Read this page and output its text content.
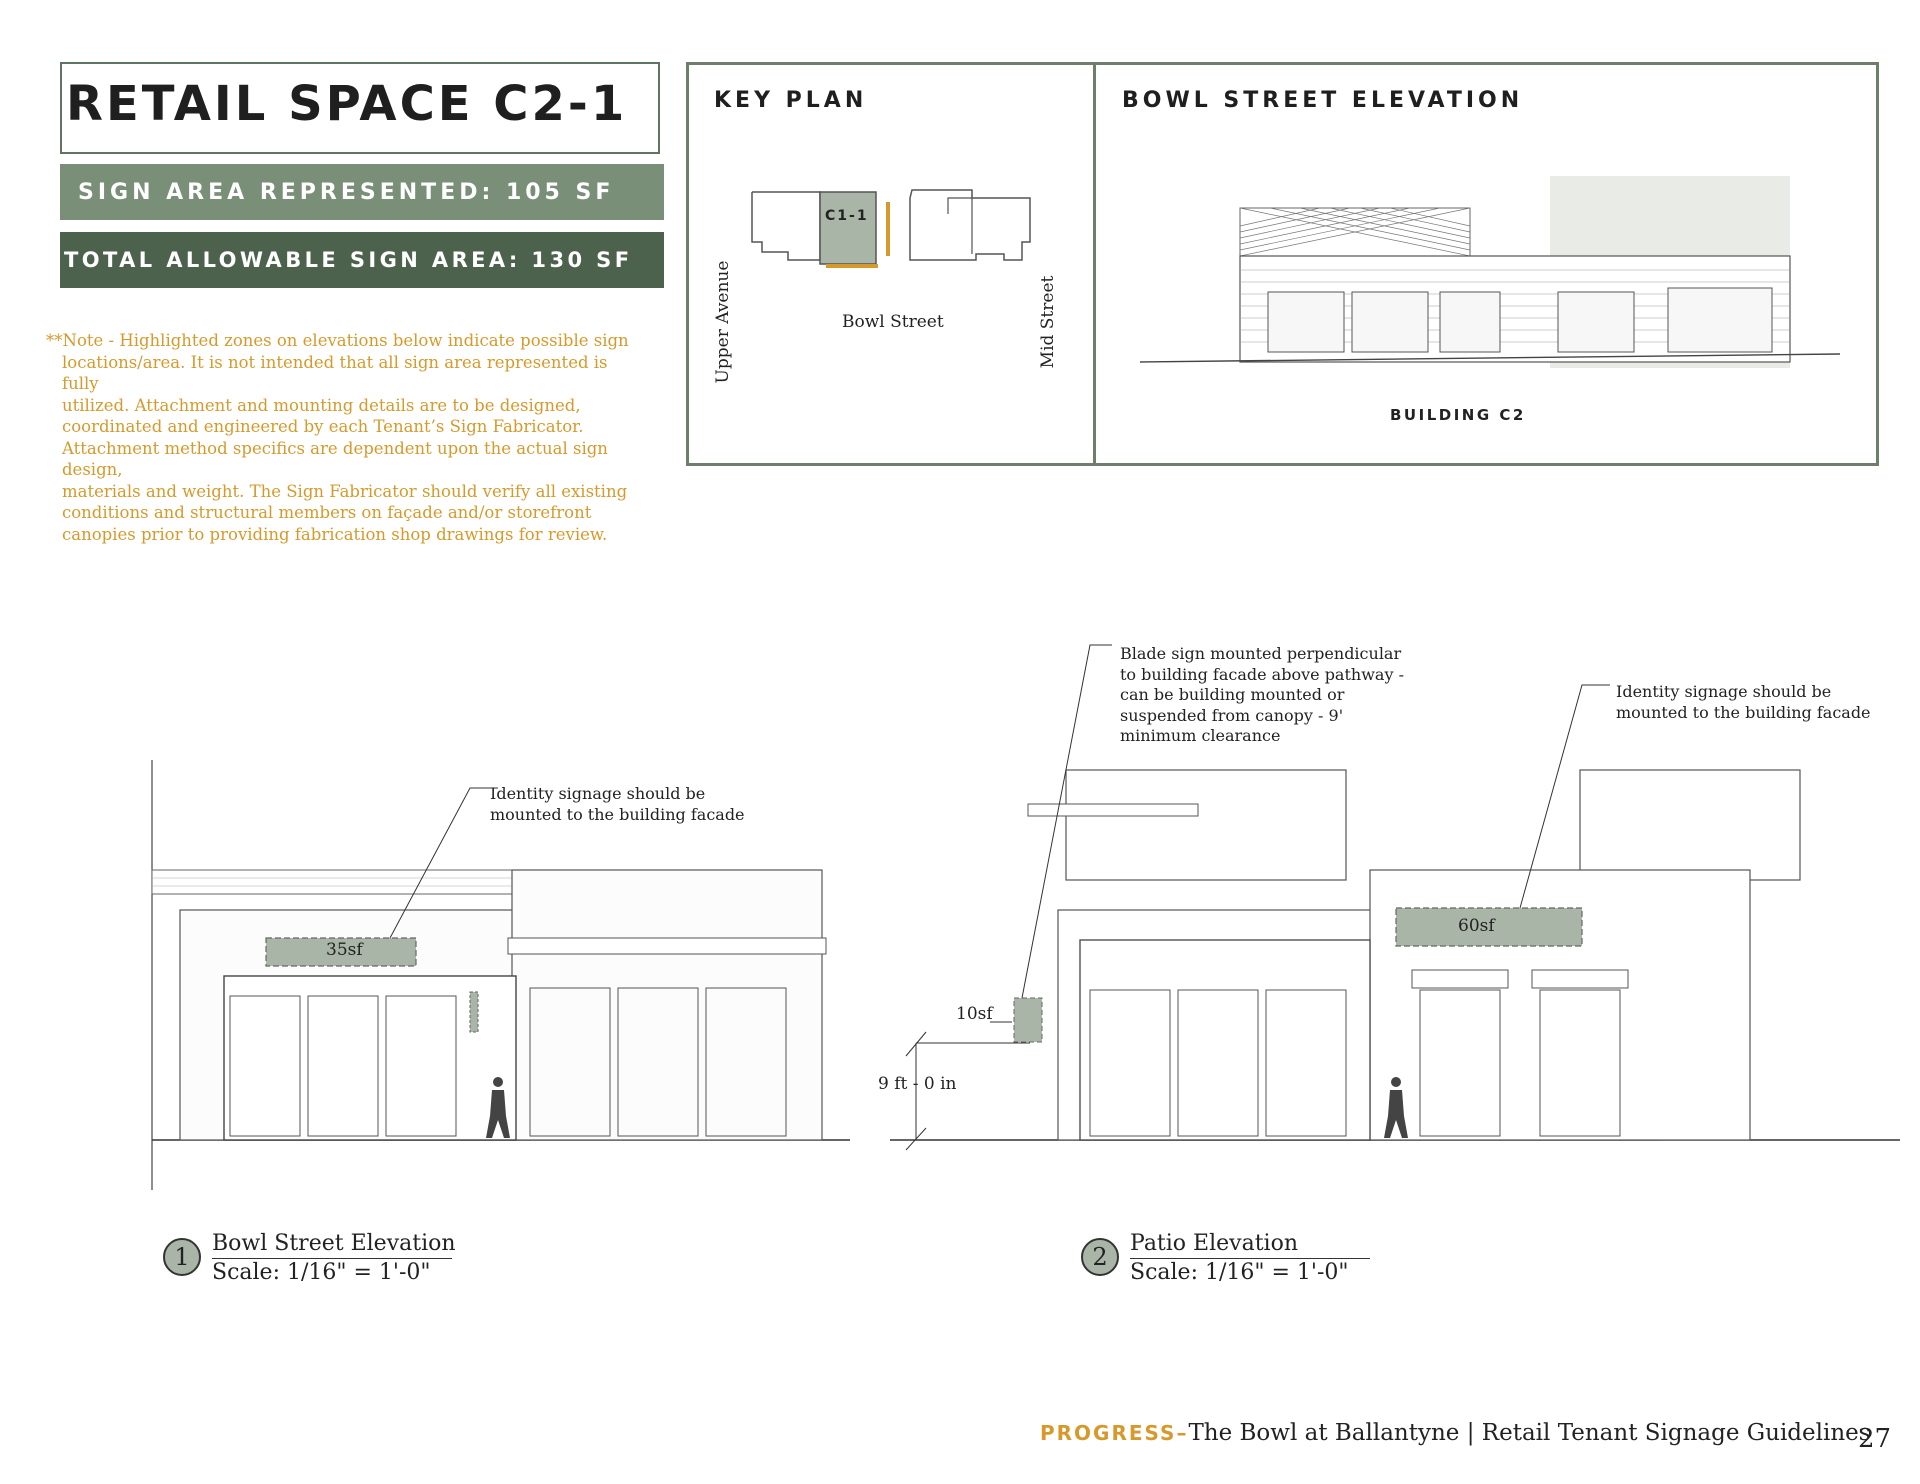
RETAIL SPACE C2-1
SIGN AREA REPRESENTED: 105 SF
TOTAL ALLOWABLE SIGN AREA: 130 SF
**Note - Highlighted zones on elevations below indicate possible sign
locations/area. It is not intended that all sign area represented is fully
utilized. Attachment and mounting details are to be designed,
coordinated and engineered by each Tenant’s Sign Fabricator.
Attachment method specifics are dependent upon the actual sign design,
materials and weight. The Sign Fabricator should verify all existing
conditions and structural members on façade and/or storefront
canopies prior to providing fabrication shop drawings for review.
KEY PLAN
C1-1
Bowl Street
Upper Avenue	Mid Street
BOWL STREET ELEVATION
BUILDING C2
35sf
Identity signage should be
mounted to the building facade
60sf
10sf
9 ft - 0 in
Blade sign mounted perpendicular
to building facade above pathway -
can be building mounted or
suspended from canopy - 9'
minimum clearance
Identity signage should be
mounted to the building facade
1	Bowl Street Elevation
Scale: 1/16" = 1'-0"
2	Patio Elevation
Scale: 1/16" = 1'-0"
PROGRESS–The Bowl at Ballantyne | Retail Tenant Signage Guidelines
27
